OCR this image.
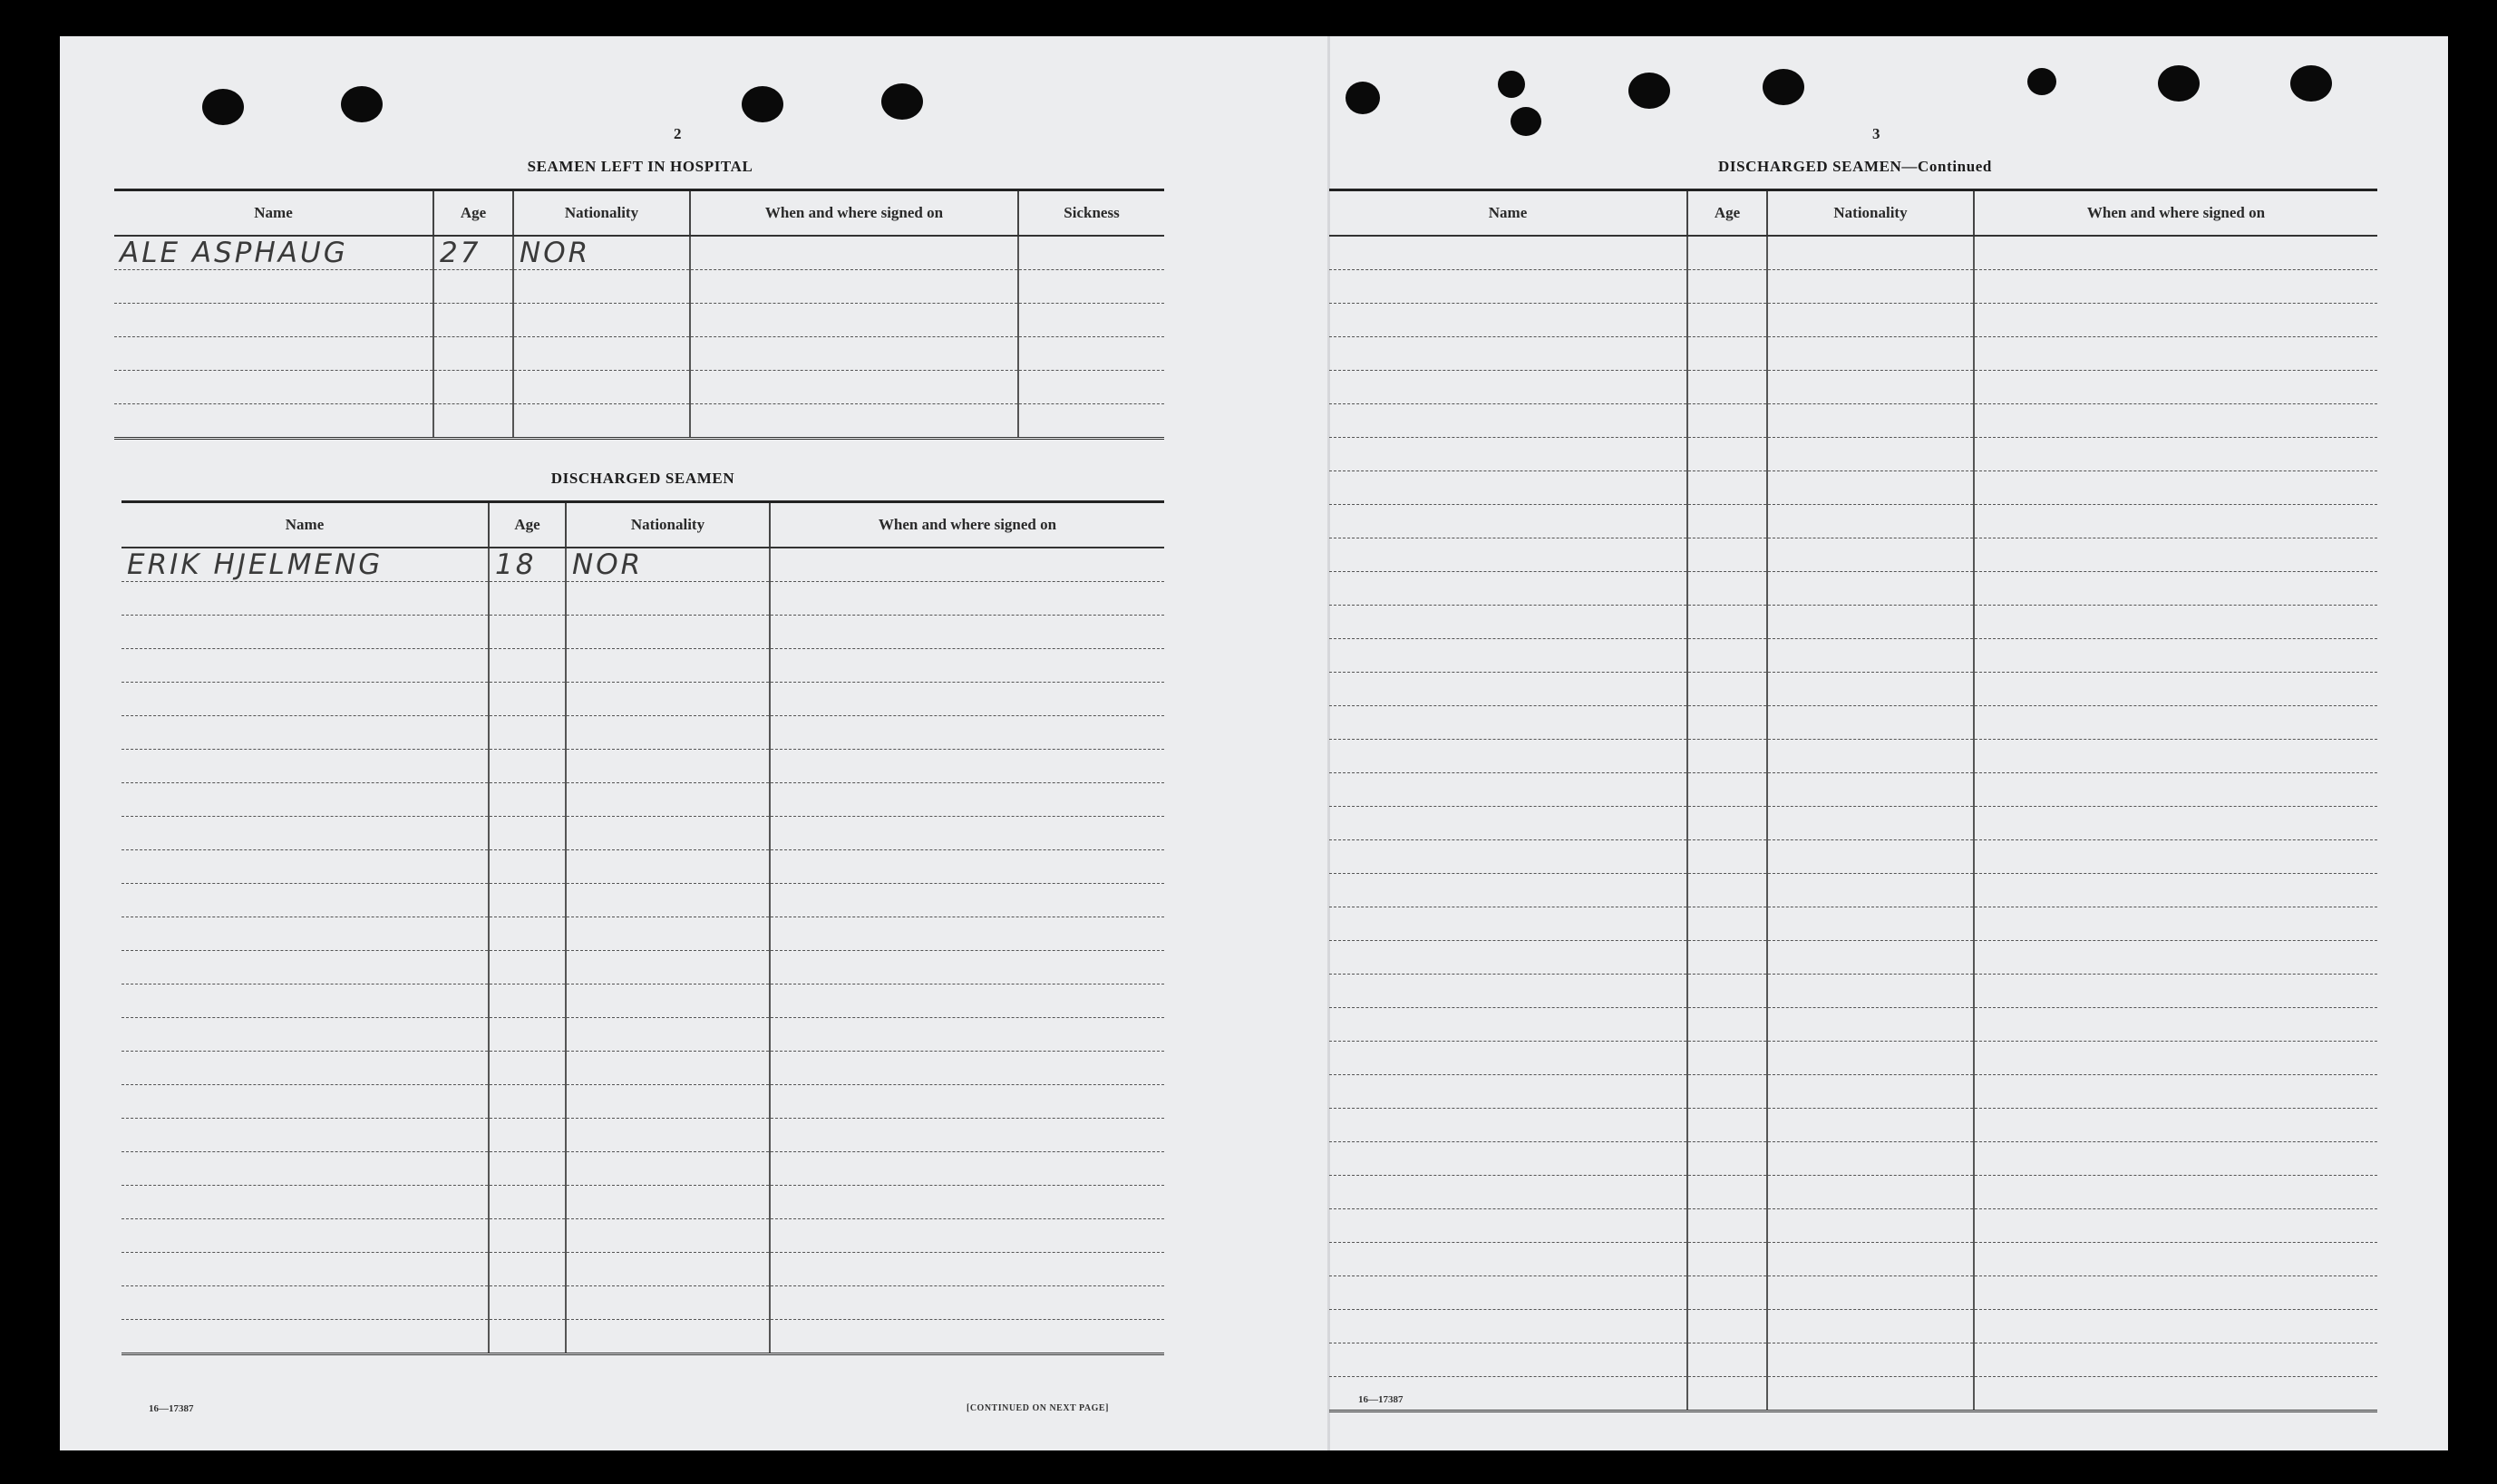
2
SEAMEN LEFT IN HOSPITAL
Name	Age	Nationality	When and where signed on	Sickness
ALE ASPHAUG	27	NOR		

DISCHARGED SEAMEN
Name	Age	Nationality	When and where signed on
ERIK HJELMENG	18	NOR	

16—17387	[CONTINUED ON NEXT PAGE]
3
DISCHARGED SEAMEN—Continued
Name	Age	Nationality	When and where signed on

16—17387
